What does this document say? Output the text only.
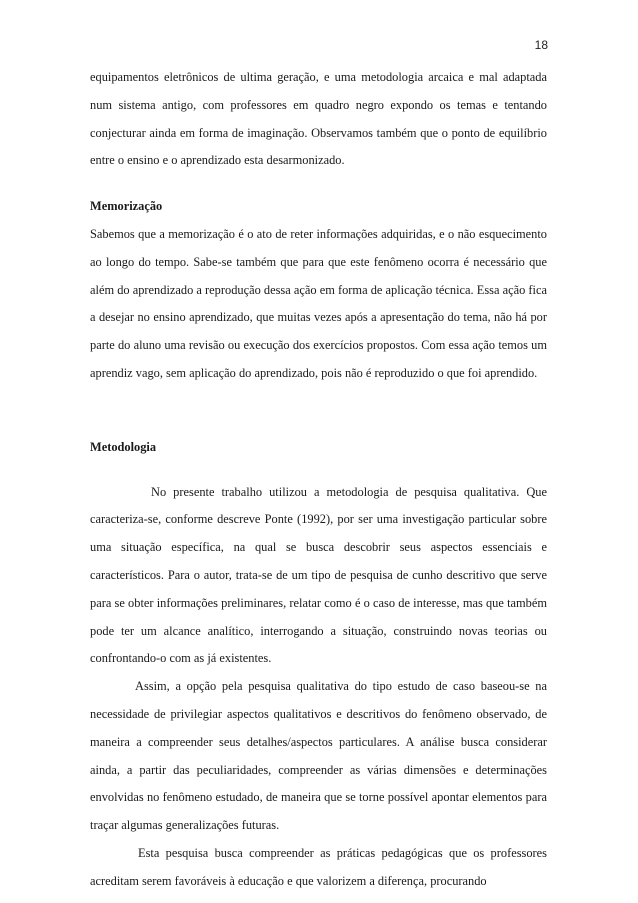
18

equipamentos eletrônicos de ultima geração, e uma metodologia arcaica e mal adaptada num sistema antigo, com professores em quadro negro expondo os temas e tentando conjecturar ainda em forma de imaginação. Observamos também que o ponto de equilíbrio entre o ensino e o aprendizado esta desarmonizado.

Memorização

Sabemos que a memorização é o ato de reter informações adquiridas, e o não esquecimento ao longo do tempo. Sabe-se também que para que este fenômeno ocorra é necessário que além do aprendizado a reprodução dessa ação em forma de aplicação técnica. Essa ação fica a desejar no ensino aprendizado, que muitas vezes após a apresentação do tema, não há por parte do aluno uma revisão ou execução dos exercícios propostos. Com essa ação temos um aprendiz vago, sem aplicação do aprendizado, pois não é reproduzido o que foi aprendido.

Metodologia

No presente trabalho utilizou a metodologia de pesquisa qualitativa. Que caracteriza-se, conforme descreve Ponte (1992), por ser uma investigação particular sobre uma situação específica, na qual se busca descobrir seus aspectos essenciais e característicos. Para o autor, trata-se de um tipo de pesquisa de cunho descritivo que serve para se obter informações preliminares, relatar como é o caso de interesse, mas que também pode ter um alcance analítico, interrogando a situação, construindo novas teorias ou confrontando-o com as já existentes.

Assim, a opção pela pesquisa qualitativa do tipo estudo de caso baseou-se na necessidade de privilegiar aspectos qualitativos e descritivos do fenômeno observado, de maneira a compreender seus detalhes/aspectos particulares. A análise busca considerar ainda, a partir das peculiaridades, compreender as várias dimensões e determinações envolvidas no fenômeno estudado, de maneira que se torne possível apontar elementos para traçar algumas generalizações futuras.

Esta pesquisa busca compreender as práticas pedagógicas que os professores acreditam serem favoráveis à educação e que valorizem a diferença, procurando
